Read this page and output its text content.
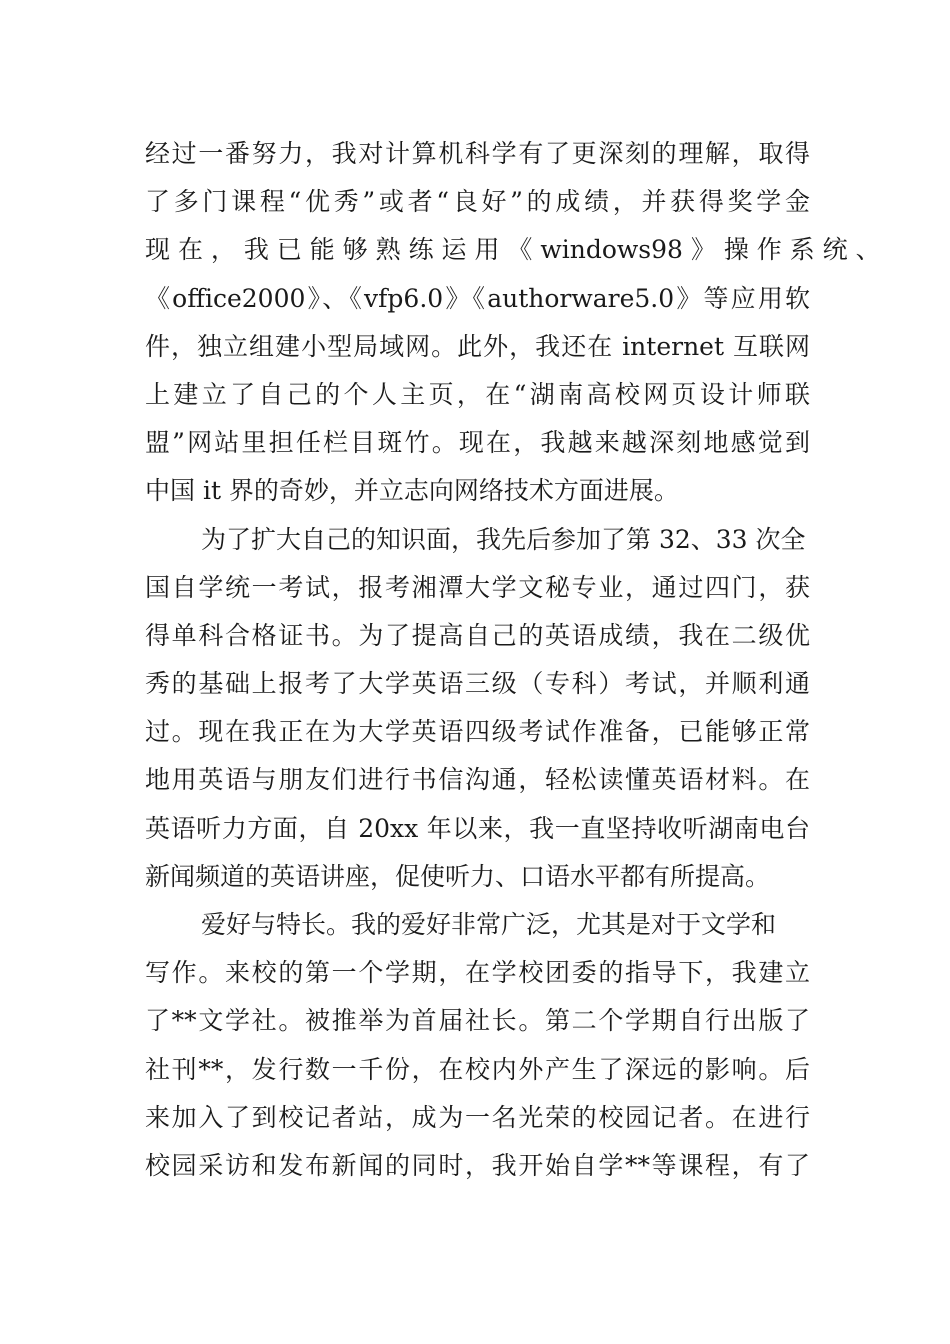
经过一番努力，我对计算机科学有了更深刻的理解，取得
了多门课程“优秀”或者“良好”的成绩，并获得奖学金
现 在 ， 我 已 能 够 熟 练 运 用 《 windows98 》 操 作 系 统 、
《office2000》、《vfp6.0》《authorware5.0》等应用软
件，独立组建小型局域网。此外，我还在 internet 互联网
上建立了自己的个人主页，在“湖南高校网页设计师联
盟”网站里担任栏目斑竹。现在，我越来越深刻地感觉到
中国 it 界的奇妙，并立志向网络技术方面进展。
为了扩大自己的知识面，我先后参加了第 32、33 次全
国自学统一考试，报考湘潭大学文秘专业，通过四门，获
得单科合格证书。为了提高自己的英语成绩，我在二级优
秀的基础上报考了大学英语三级（专科）考试，并顺利通
过。现在我正在为大学英语四级考试作准备，已能够正常
地用英语与朋友们进行书信沟通，轻松读懂英语材料。在
英语听力方面，自 20xx 年以来，我一直坚持收听湖南电台
新闻频道的英语讲座，促使听力、口语水平都有所提高。
爱好与特长。我的爱好非常广泛，尤其是对于文学和
写作。来校的第一个学期，在学校团委的指导下，我建立
了**文学社。被推举为首届社长。第二个学期自行出版了
社刊**，发行数一千份，在校内外产生了深远的影响。后
来加入了到校记者站，成为一名光荣的校园记者。在进行
校园采访和发布新闻的同时，我开始自学**等课程，有了
